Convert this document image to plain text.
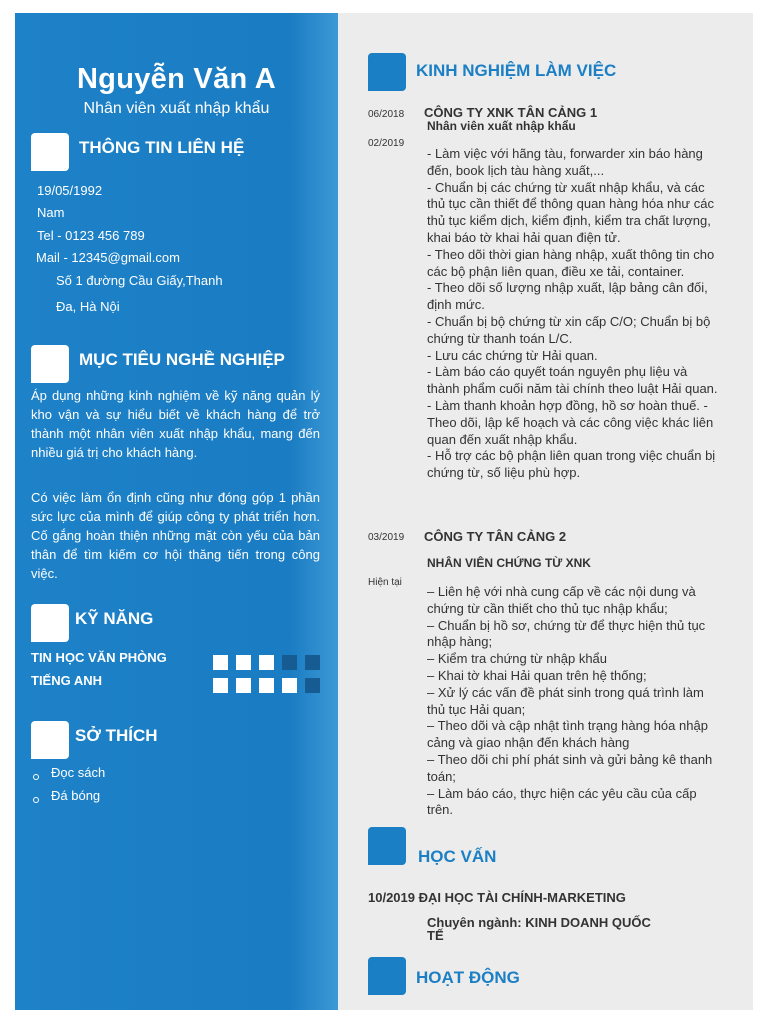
Nguyễn Văn A
Nhân viên xuất nhập khẩu
THÔNG TIN LIÊN HỆ
19/05/1992
Nam
Tel - 0123 456 789
Mail - 12345@gmail.com
Số 1 đường Cầu Giấy,Thanh
Đa, Hà Nội
MỤC TIÊU NGHỀ NGHIỆP
Áp dụng những kinh nghiệm về kỹ năng quản lý kho vận và sự hiểu biết về khách hàng để trở thành một nhân viên xuất nhập khẩu, mang đến nhiều giá trị cho khách hàng.
Có việc làm ổn định cũng như đóng góp 1 phần sức lực của mình để giúp công ty phát triển hơn. Cố gắng hoàn thiện những mặt còn yếu của bản thân để tìm kiếm cơ hội thăng tiến trong công việc.
KỸ NĂNG
TIN HỌC VĂN PHÒNG
TIẾNG ANH
SỞ THÍCH
Đọc sách
Đá bóng
KINH NGHIỆM LÀM VIỆC
06/2018 CÔNG TY XNK TÂN CẢNG 1
Nhân viên xuất nhập khẩu
02/2019
- Làm việc với hãng tàu, forwarder xin báo hàng đến, book lịch tàu hàng xuất,...
- Chuẩn bị các chứng từ xuất nhập khẩu, và các thủ tục cần thiết để thông quan hàng hóa như các thủ tục kiểm dịch, kiểm định, kiểm tra chất lượng, khai báo tờ khai hải quan điện tử.
- Theo dõi thời gian hàng nhập, xuất thông tin cho các bộ phận liên quan, điều xe tải, container.
- Theo dõi số lượng nhập xuất, lập bảng cân đối, định mức.
- Chuẩn bị bộ chứng từ xin cấp C/O; Chuẩn bị bộ chứng từ thanh toán L/C.
- Lưu các chứng từ Hải quan.
- Làm báo cáo quyết toán nguyên phụ liệu và thành phẩm cuối năm tài chính theo luật Hải quan.
- Làm thanh khoản hợp đồng, hồ sơ hoàn thuế. - Theo dõi, lập kế hoạch và các công việc khác liên quan đến xuất nhập khẩu.
- Hỗ trợ các bộ phận liên quan trong việc chuẩn bị chứng từ, số liệu phù hợp.
03/2019 CÔNG TY TÂN CẢNG 2
NHÂN VIÊN CHỨNG TỪ XNK
Hiện tại
– Liên hệ với nhà cung cấp về các nội dung và chứng từ cần thiết cho thủ tục nhập khẩu;
– Chuẩn bị hồ sơ, chứng từ để thực hiện thủ tục nhập hàng;
– Kiểm tra chứng từ nhập khẩu
– Khai tờ khai Hải quan trên hệ thống;
– Xử lý các vấn đề phát sinh trong quá trình làm thủ tục Hải quan;
– Theo dõi và cập nhật tình trạng hàng hóa nhập cảng và giao nhận đến khách hàng
– Theo dõi chi phí phát sinh và gửi bảng kê thanh toán;
– Làm báo cáo, thực hiện các yêu cầu của cấp trên.
HỌC VẤN
10/2019 ĐẠI HỌC TÀI CHÍNH-MARKETING
Chuyên ngành: KINH DOANH QUỐC
TẾ
HOẠT ĐỘNG
